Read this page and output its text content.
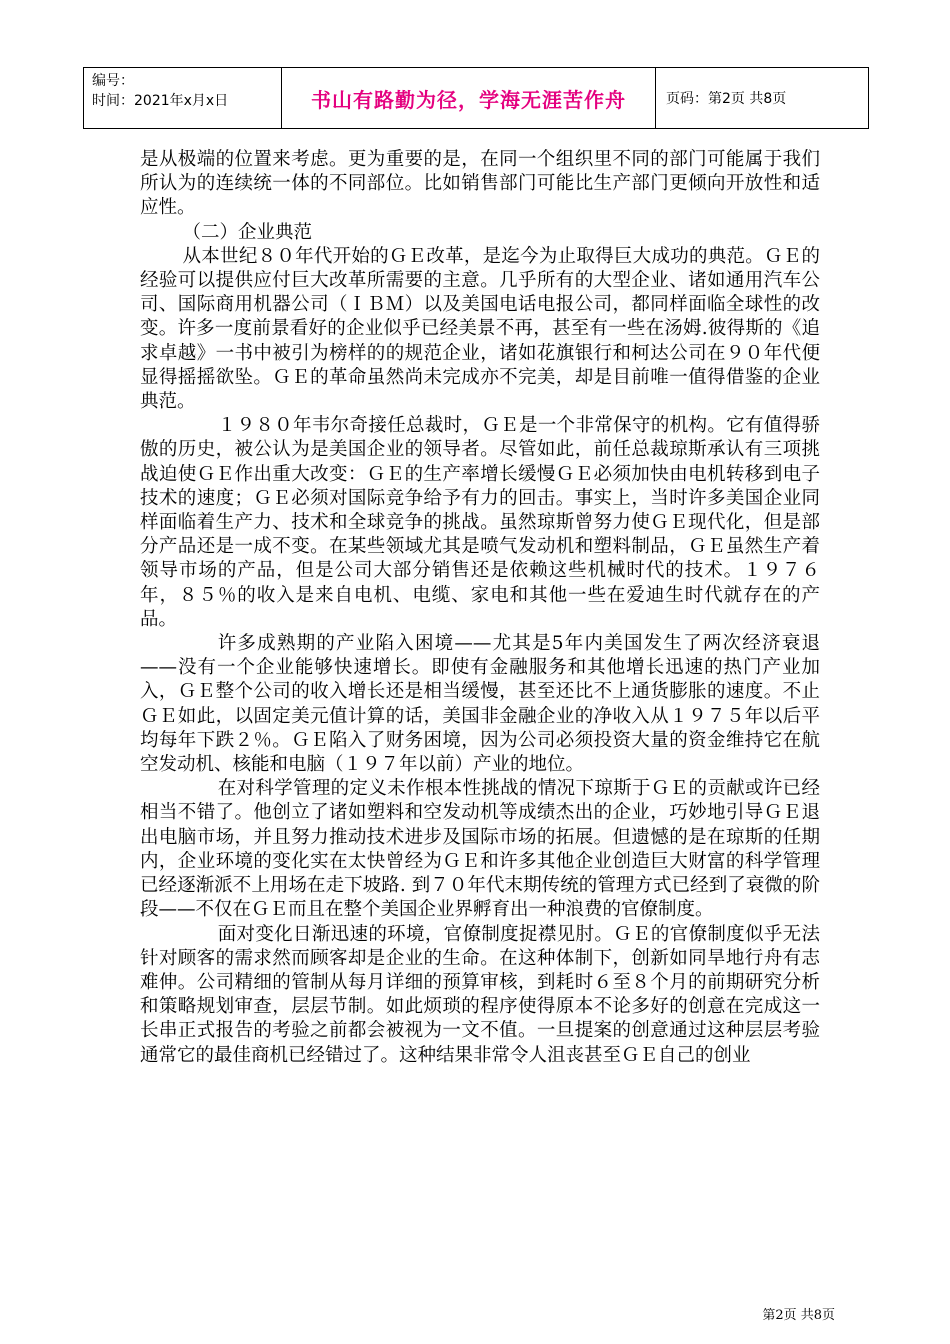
编号：
时间：2021年x月x日	书山有路勤为径，学海无涯苦作舟	页码：第2页 共8页

是从极端的位置来考虑。更为重要的是，在同一个组织里不同的部门可能属于我们所认为的连续统一体的不同部位。比如销售部门可能比生产部门更倾向开放性和适应性。

（二）企业典范

从本世纪８０年代开始的ＧＥ改革，是迄今为止取得巨大成功的典范。ＧＥ的经验可以提供应付巨大改革所需要的主意。几乎所有的大型企业、诸如通用汽车公司、国际商用机器公司（ＩＢＭ）以及美国电话电报公司，都同样面临全球性的改变。许多一度前景看好的企业似乎已经美景不再，甚至有一些在汤姆.彼得斯的《追求卓越》一书中被引为榜样的的规范企业，诸如花旗银行和柯达公司在９０年代便显得摇摇欲坠。ＧＥ的革命虽然尚未完成亦不完美，却是目前唯一值得借鉴的企业典范。

１９８０年韦尔奇接任总裁时，ＧＥ是一个非常保守的机构。它有值得骄傲的历史，被公认为是美国企业的领导者。尽管如此，前任总裁琼斯承认有三项挑战迫使ＧＥ作出重大改变：ＧＥ的生产率增长缓慢ＧＥ必须加快由电机转移到电子技术的速度；ＧＥ必须对国际竞争给予有力的回击。事实上，当时许多美国企业同样面临着生产力、技术和全球竞争的挑战。虽然琼斯曾努力使ＧＥ现代化，但是部分产品还是一成不变。在某些领域尤其是喷气发动机和塑料制品，ＧＥ虽然生产着领导市场的产品，但是公司大部分销售还是依赖这些机械时代的技术。１９７６年，８５％的收入是来自电机、电缆、家电和其他一些在爱迪生时代就存在的产品。

许多成熟期的产业陷入困境——尤其是5年内美国发生了两次经济衰退——没有一个企业能够快速增长。即使有金融服务和其他增长迅速的热门产业加入，ＧＥ整个公司的收入增长还是相当缓慢，甚至还比不上通货膨胀的速度。不止ＧＥ如此，以固定美元值计算的话，美国非金融企业的净收入从１９７５年以后平均每年下跌２％。ＧＥ陷入了财务困境，因为公司必须投资大量的资金维持它在航空发动机、核能和电脑（１９７年以前）产业的地位。

在对科学管理的定义未作根本性挑战的情况下琼斯于ＧＥ的贡献或许已经相当不错了。他创立了诸如塑料和空发动机等成绩杰出的企业，巧妙地引导ＧＥ退出电脑市场，并且努力推动技术进步及国际市场的拓展。但遗憾的是在琼斯的任期内，企业环境的变化实在太快曾经为ＧＥ和许多其他企业创造巨大财富的科学管理已经逐渐派不上用场在走下坡路. 到７０年代末期传统的管理方式已经到了衰微的阶段——不仅在ＧＥ而且在整个美国企业界孵育出一种浪费的官僚制度。

面对变化日渐迅速的环境，官僚制度捉襟见肘。ＧＥ的官僚制度似乎无法针对顾客的需求然而顾客却是企业的生命。在这种体制下，创新如同旱地行舟有志难伸。公司精细的管制从每月详细的预算审核，到耗时６至８个月的前期研究分析和策略规划审查，层层节制。如此烦琐的程序使得原本不论多好的创意在完成这一长串正式报告的考验之前都会被视为一文不值。一旦提案的创意通过这种层层考验通常它的最佳商机已经错过了。这种结果非常令人沮丧甚至ＧＥ自己的创业

第2页 共8页
